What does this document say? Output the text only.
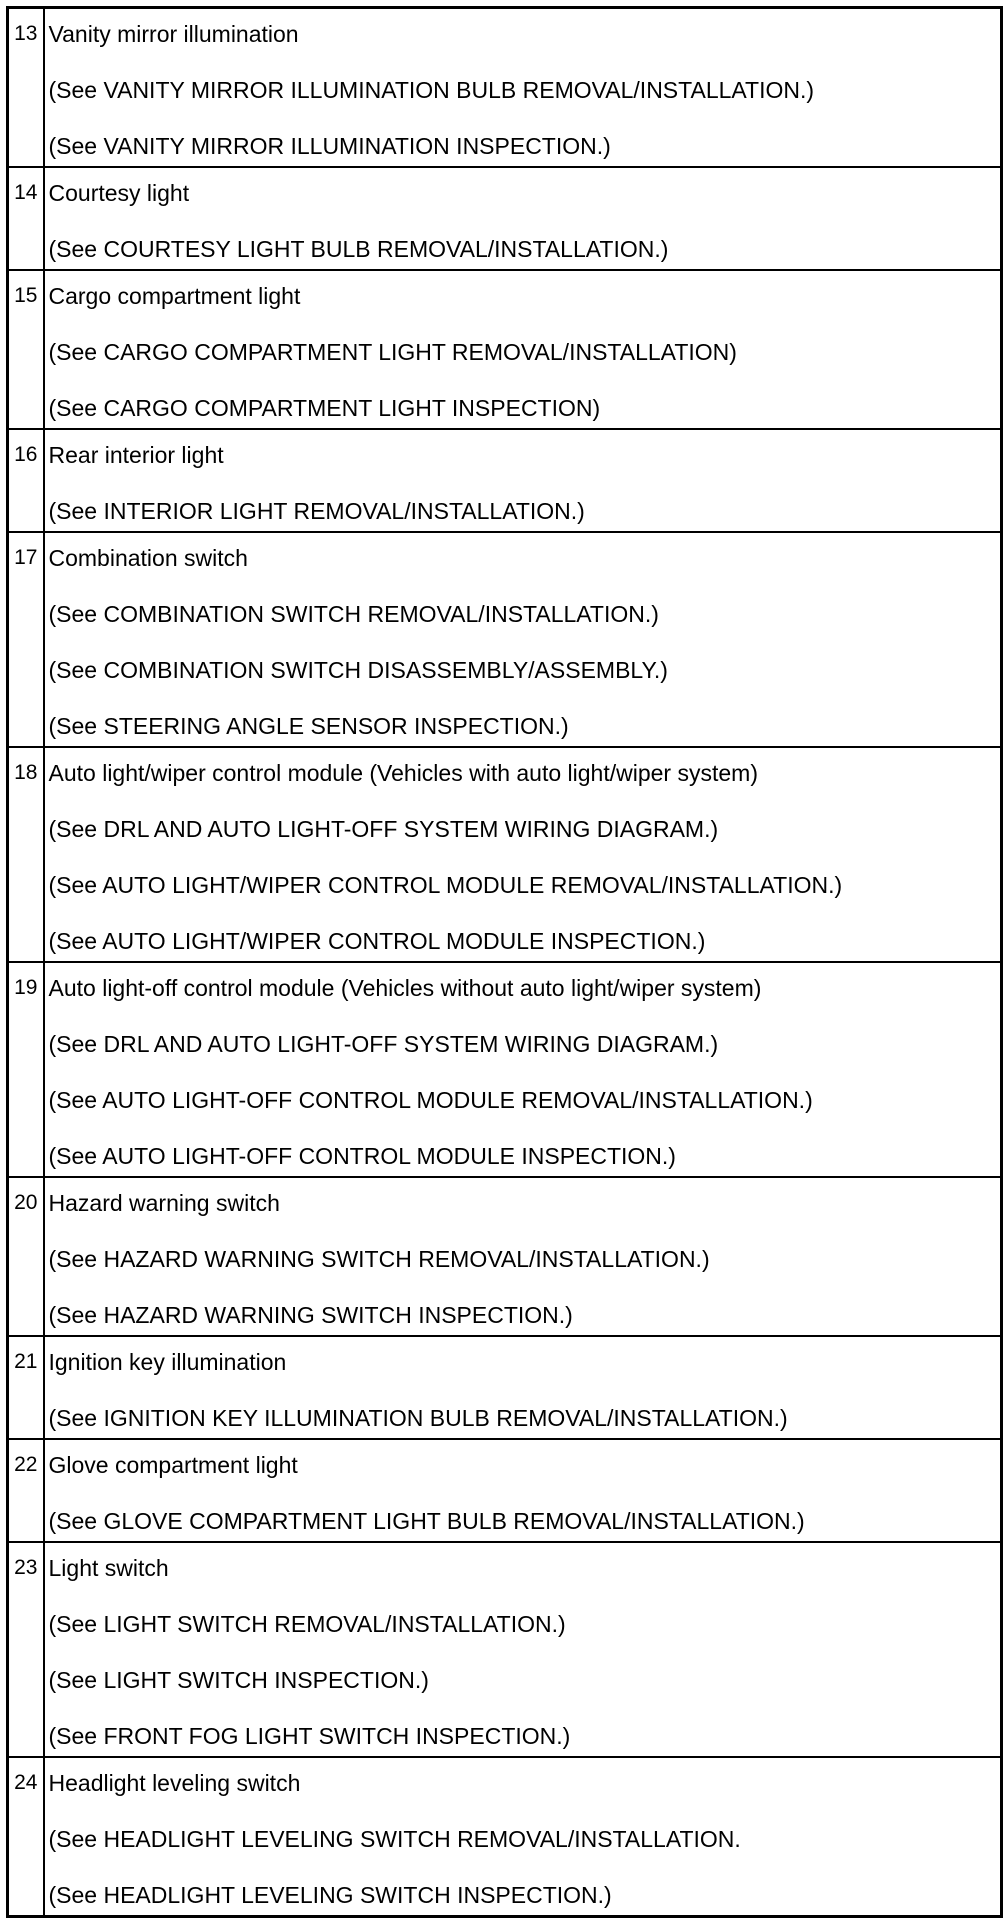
13	Vanity mirror illumination
(See VANITY MIRROR ILLUMINATION BULB REMOVAL/INSTALLATION.)
(See VANITY MIRROR ILLUMINATION INSPECTION.)

14	Courtesy light
(See COURTESY LIGHT BULB REMOVAL/INSTALLATION.)

15	Cargo compartment light
(See CARGO COMPARTMENT LIGHT REMOVAL/INSTALLATION)
(See CARGO COMPARTMENT LIGHT INSPECTION)

16	Rear interior light
(See INTERIOR LIGHT REMOVAL/INSTALLATION.)

17	Combination switch
(See COMBINATION SWITCH REMOVAL/INSTALLATION.)
(See COMBINATION SWITCH DISASSEMBLY/ASSEMBLY.)
(See STEERING ANGLE SENSOR INSPECTION.)

18	Auto light/wiper control module (Vehicles with auto light/wiper system)
(See DRL AND AUTO LIGHT-OFF SYSTEM WIRING DIAGRAM.)
(See AUTO LIGHT/WIPER CONTROL MODULE REMOVAL/INSTALLATION.)
(See AUTO LIGHT/WIPER CONTROL MODULE INSPECTION.)

19	Auto light-off control module (Vehicles without auto light/wiper system)
(See DRL AND AUTO LIGHT-OFF SYSTEM WIRING DIAGRAM.)
(See AUTO LIGHT-OFF CONTROL MODULE REMOVAL/INSTALLATION.)
(See AUTO LIGHT-OFF CONTROL MODULE INSPECTION.)

20	Hazard warning switch
(See HAZARD WARNING SWITCH REMOVAL/INSTALLATION.)
(See HAZARD WARNING SWITCH INSPECTION.)

21	Ignition key illumination
(See IGNITION KEY ILLUMINATION BULB REMOVAL/INSTALLATION.)

22	Glove compartment light
(See GLOVE COMPARTMENT LIGHT BULB REMOVAL/INSTALLATION.)

23	Light switch
(See LIGHT SWITCH REMOVAL/INSTALLATION.)
(See LIGHT SWITCH INSPECTION.)
(See FRONT FOG LIGHT SWITCH INSPECTION.)

24	Headlight leveling switch
(See HEADLIGHT LEVELING SWITCH REMOVAL/INSTALLATION.
(See HEADLIGHT LEVELING SWITCH INSPECTION.)
